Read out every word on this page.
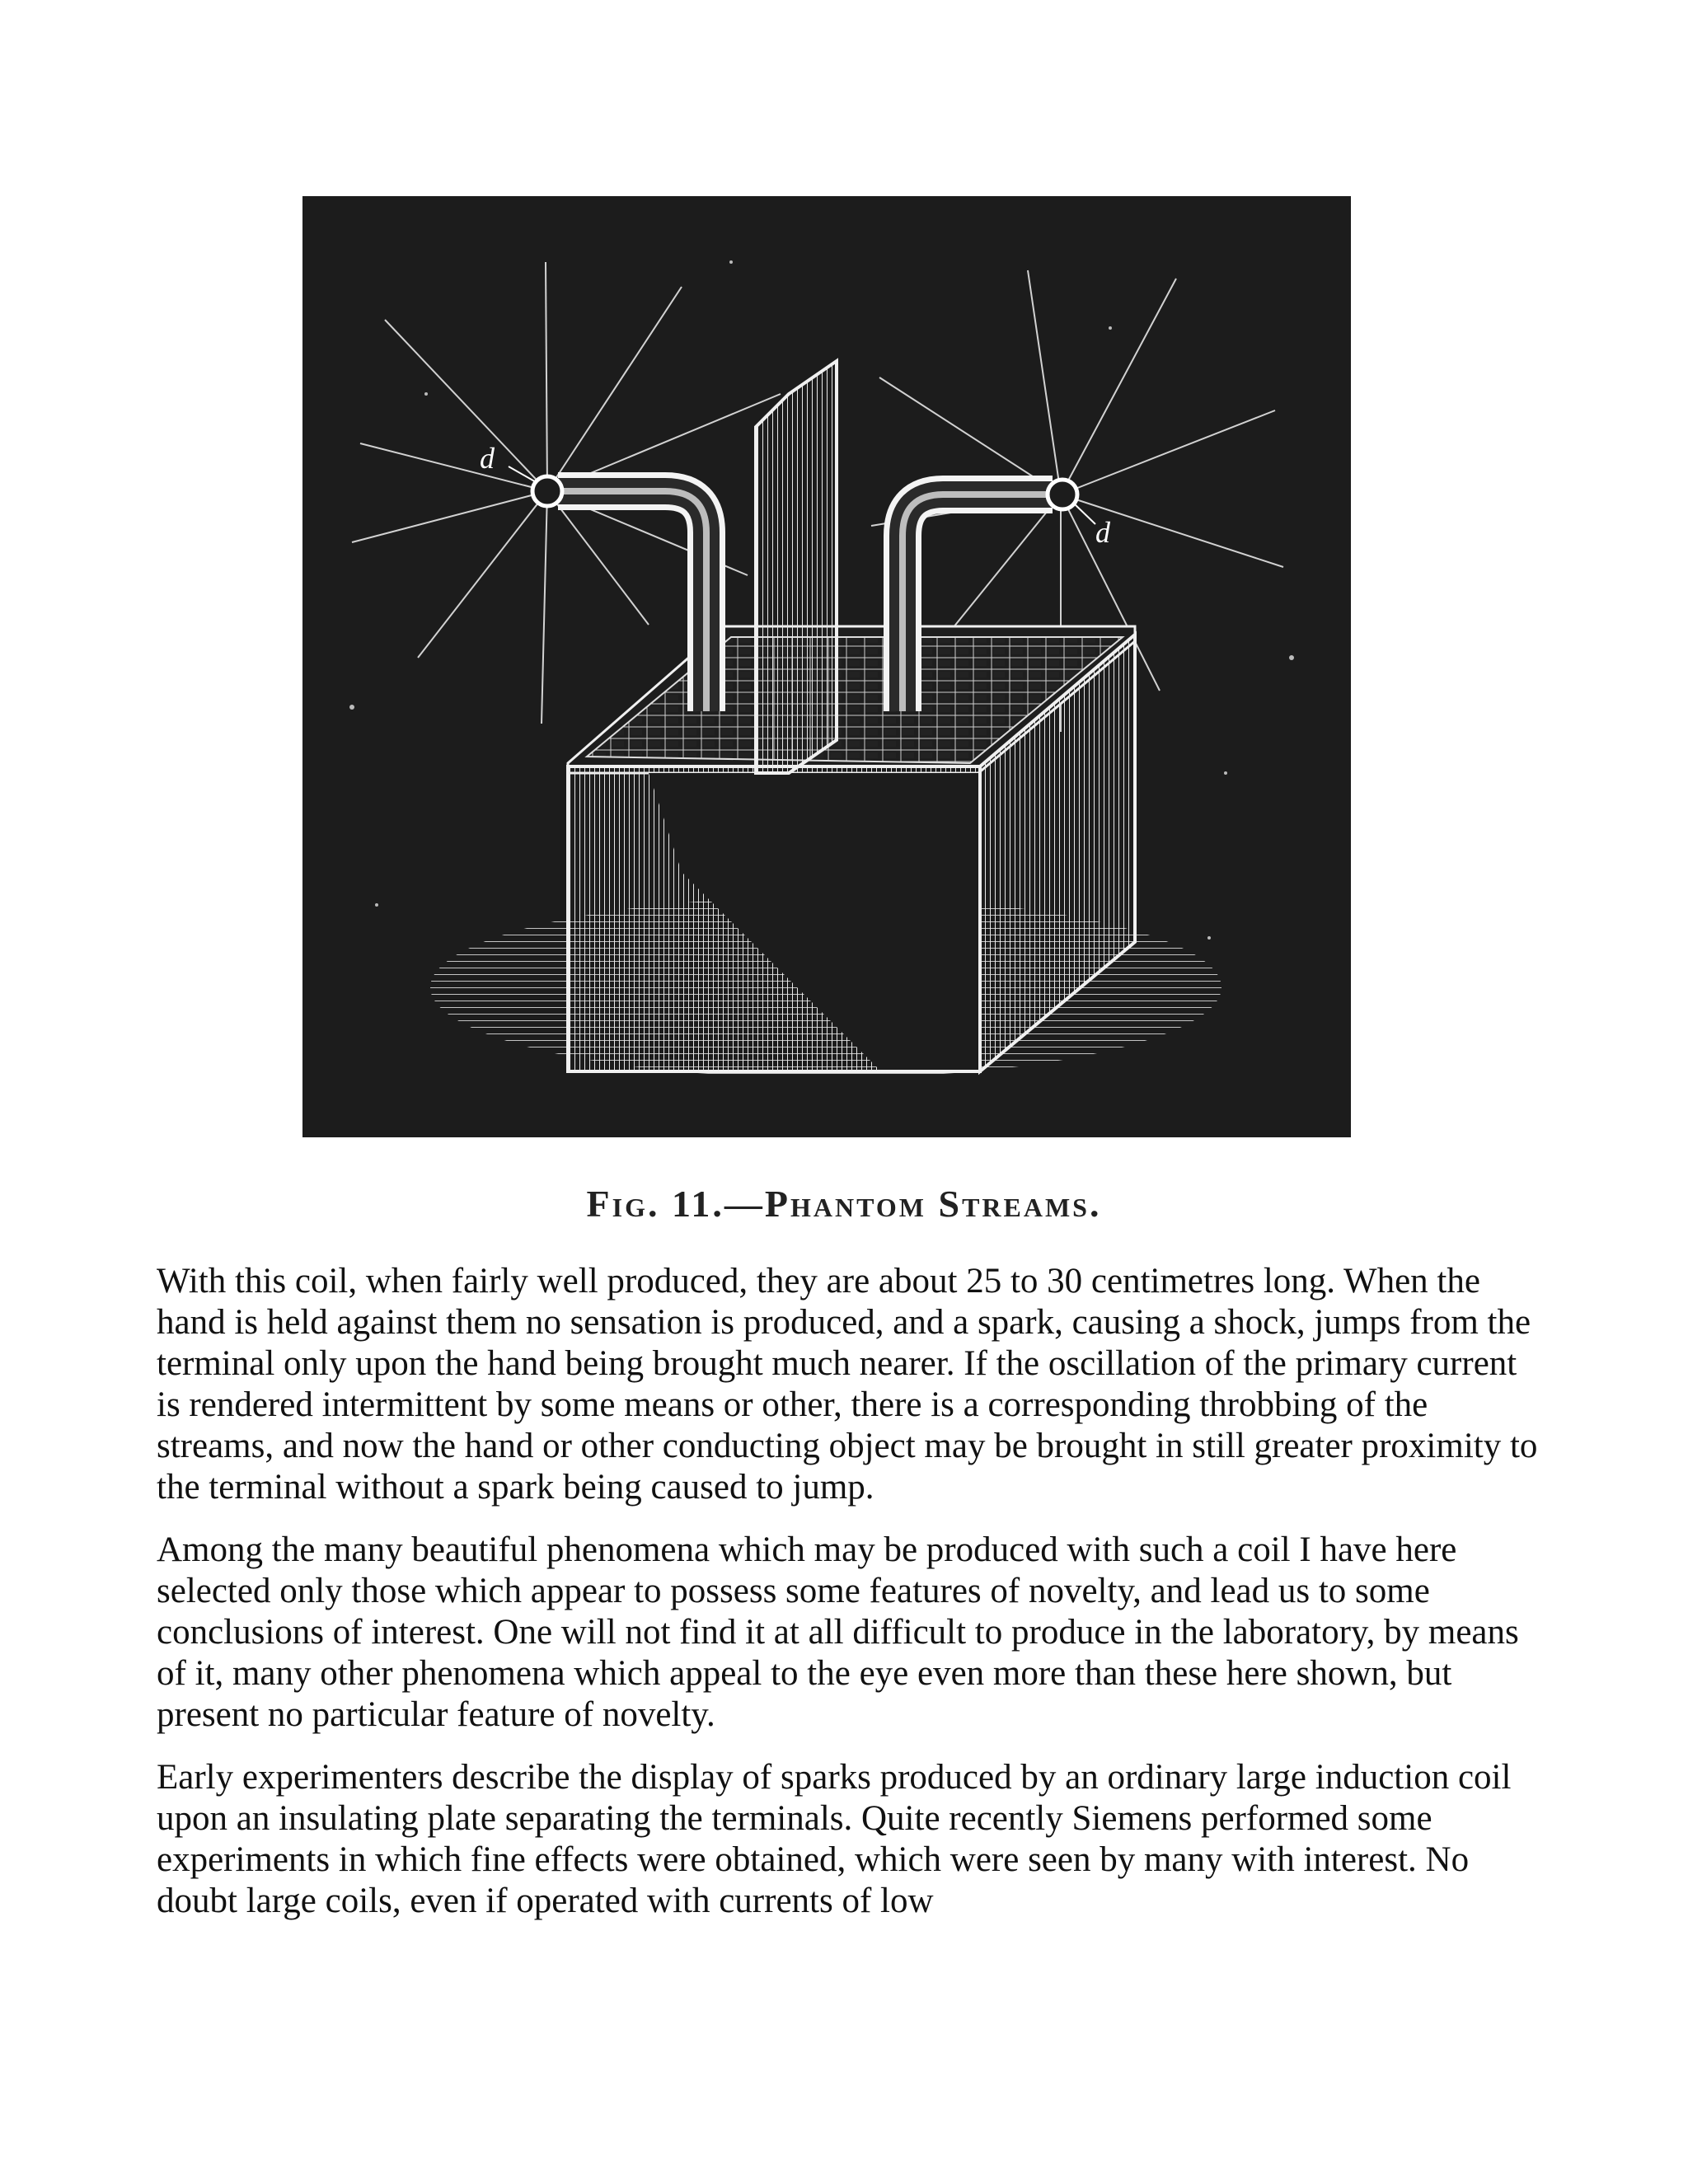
d
d
Fig. 11.—Phantom Streams.

With this coil, when fairly well produced, they are about 25 to 30 centimetres long. When the hand is held against them no sensation is produced, and a spark, causing a shock, jumps from the terminal only upon the hand being brought much nearer. If the oscillation of the primary current is rendered intermittent by some means or other, there is a corresponding throbbing of the streams, and now the hand or other conducting object may be brought in still greater proximity to the terminal without a spark being caused to jump.

Among the many beautiful phenomena which may be produced with such a coil I have here selected only those which appear to possess some features of novelty, and lead us to some conclusions of interest. One will not find it at all difficult to produce in the laboratory, by means of it, many other phenomena which appeal to the eye even more than these here shown, but present no particular feature of novelty.

Early experimenters describe the display of sparks produced by an ordinary large induction coil upon an insulating plate separating the terminals. Quite recently Siemens performed some experiments in which fine effects were obtained, which were seen by many with interest. No doubt large coils, even if operated with currents of low
